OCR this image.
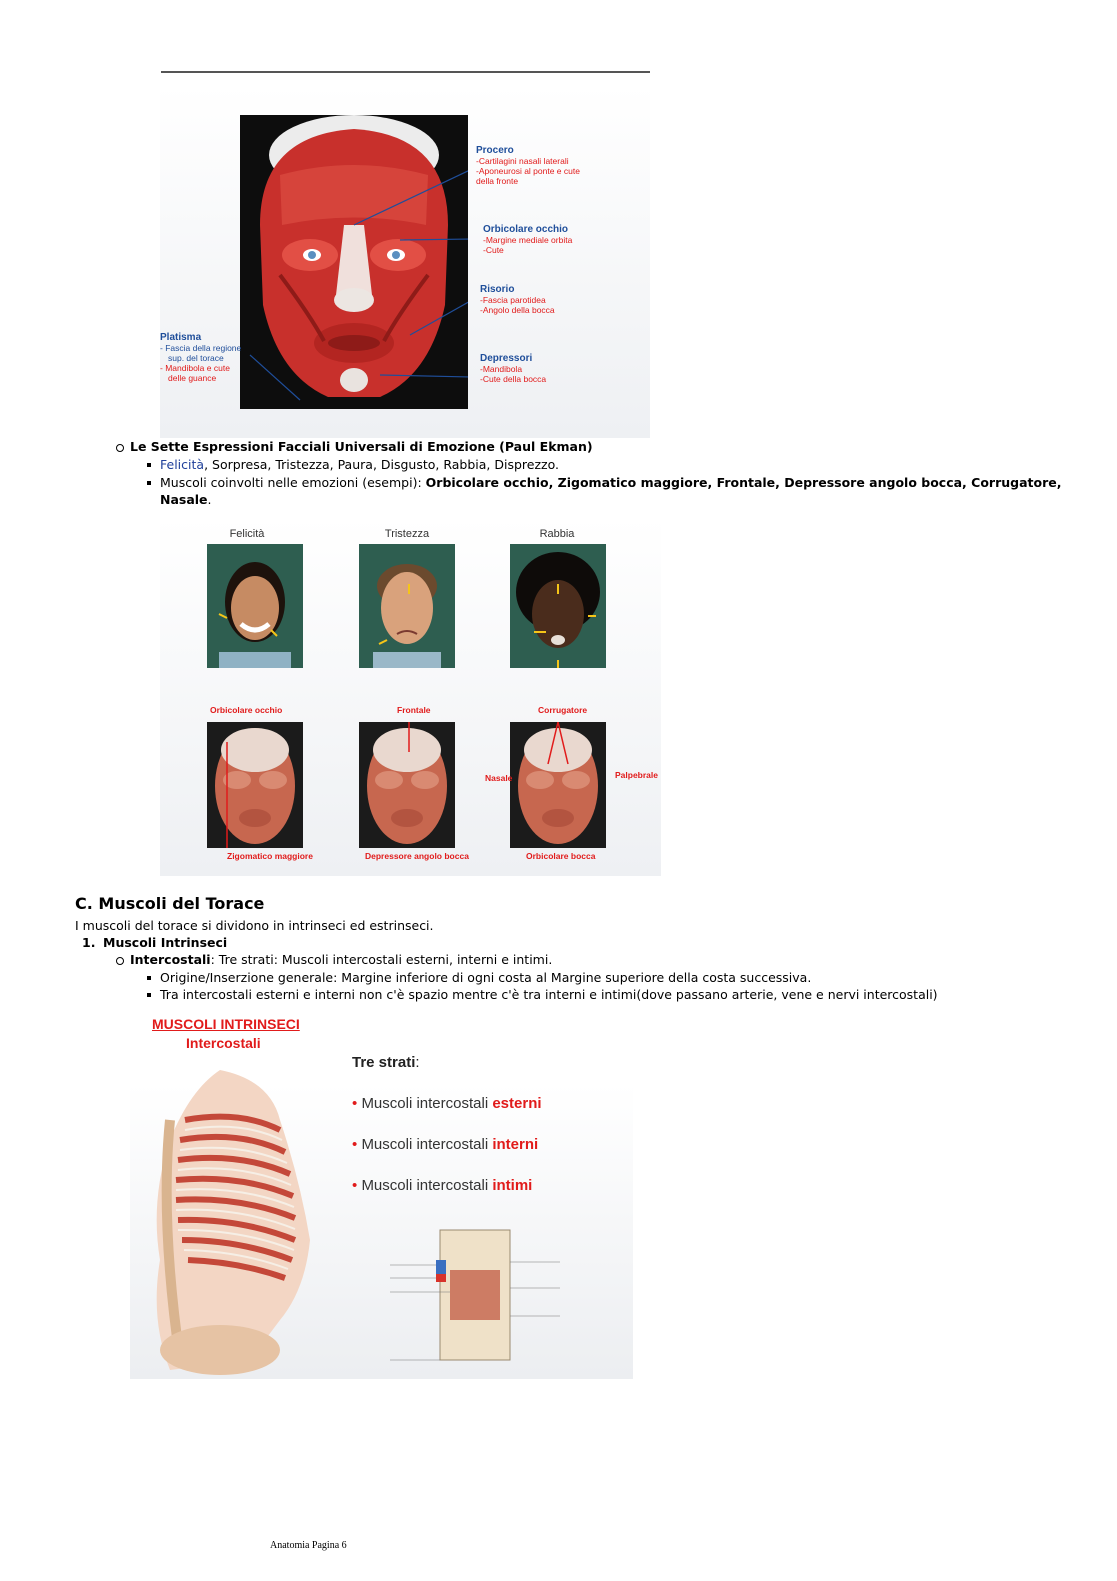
Procero
-Cartilagini nasali laterali
-Aponeurosi al ponte e cute
della fronte
Orbicolare occhio
-Margine mediale orbita
-Cute
Risorio
-Fascia parotidea
-Angolo della bocca
Depressori
-Mandibola
-Cute della bocca
Platisma
- Fascia della regione
sup. del torace
- Mandibola e cute
delle guance
Le Sette Espressioni Facciali Universali di Emozione (Paul Ekman)
Felicità, Sorpresa, Tristezza, Paura, Disgusto, Rabbia, Disprezzo.
Muscoli coinvolti nelle emozioni (esempi): Orbicolare occhio, Zigomatico maggiore, Frontale, Depressore angolo bocca, Corrugatore,
Nasale.
Felicità	Tristezza	Rabbia
Orbicolare occhio	Frontale	Corrugatore
Nasale	Palpebrale
Zigomatico maggiore	Depressore angolo bocca	Orbicolare bocca
C. Muscoli del Torace
I muscoli del torace si dividono in intrinseci ed estrinseci.
1. Muscoli Intrinseci
Intercostali: Tre strati: Muscoli intercostali esterni, interni e intimi.
Origine/Inserzione generale: Margine inferiore di ogni costa al Margine superiore della costa successiva.
Tra intercostali esterni e interni non c'è spazio mentre c'è tra interni e intimi(dove passano arterie, vene e nervi intercostali)
MUSCOLI INTRINSECI
Intercostali
Tre strati:
• Muscoli intercostali esterni
• Muscoli intercostali interni
• Muscoli intercostali intimi
Anatomia Pagina 6
